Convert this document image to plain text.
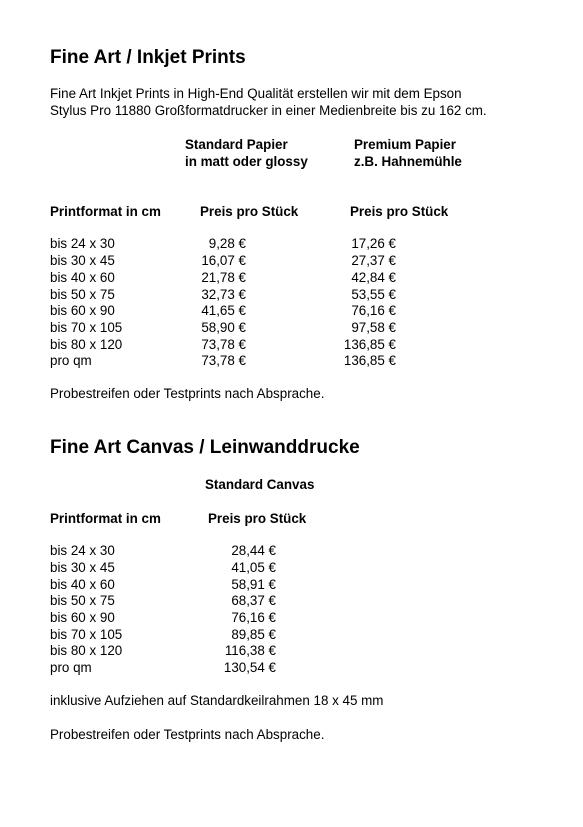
Fine Art / Inkjet Prints
Fine Art Inkjet Prints in High-End Qualität erstellen wir mit dem Epson
Stylus Pro 11880 Großformatdrucker in einer Medienbreite bis zu 162 cm.
Standard Papier
in matt oder glossy
Premium Papier
z.B. Hahnemühle
Printformat in cm	Preis pro Stück	Preis pro Stück
bis 24 x 30	9,28 €	17,26 €
bis 30 x 45	16,07 €	27,37 €
bis 40 x 60	21,78 €	42,84 €
bis 50 x 75	32,73 €	53,55 €
bis 60 x 90	41,65 €	76,16 €
bis 70 x 105	58,90 €	97,58 €
bis 80 x 120	73,78 €	136,85 €
pro qm	73,78 €	136,85 €
Probestreifen oder Testprints nach Absprache.
Fine Art Canvas / Leinwanddrucke
Standard Canvas
Printformat in cm	Preis pro Stück
bis 24 x 30	28,44 €
bis 30 x 45	41,05 €
bis 40 x 60	58,91 €
bis 50 x 75	68,37 €
bis 60 x 90	76,16 €
bis 70 x 105	89,85 €
bis 80 x 120	116,38 €
pro qm	130,54 €
inklusive Aufziehen auf Standardkeilrahmen 18 x 45 mm
Probestreifen oder Testprints nach Absprache.
